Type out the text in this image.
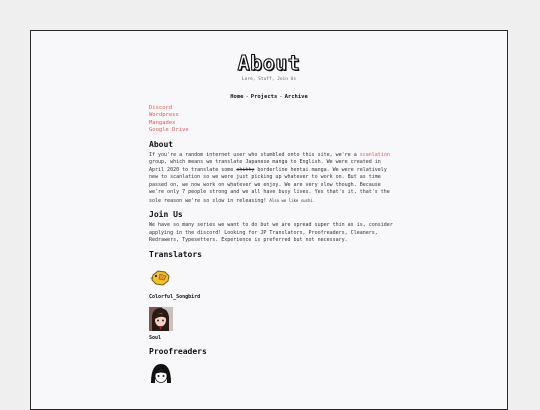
About
Lore, Stuff, Join Us
Home - Projects - Archive
Discord
Wordpress
Mangadex
Google Drive
About

If you're a random internet user who stumbled onto this site, we're a scanlation group, which means we translate Japanese manga to English. We were created in April 2020 to translate some shitty borderline hentai manga. We were relatively new to scanlation so we were just picking up whatever to work on. But as time passed on, we now work on whatever we enjoy. We are very slow though. Because we're only 7 people strong and we all have busy lives. Yes that's it, that's the sole reason we're so slow in releasing! Also we like sushi.

Join Us

We have so many series we want to do but we are spread super thin as is, consider applying in the discord! Looking for JP Translators, Proofreaders, Cleaners, Redrawers, Typesetters. Experience is preferred but not necessary.

Translators
Colorful_Songbird
Soul
Proofreaders
